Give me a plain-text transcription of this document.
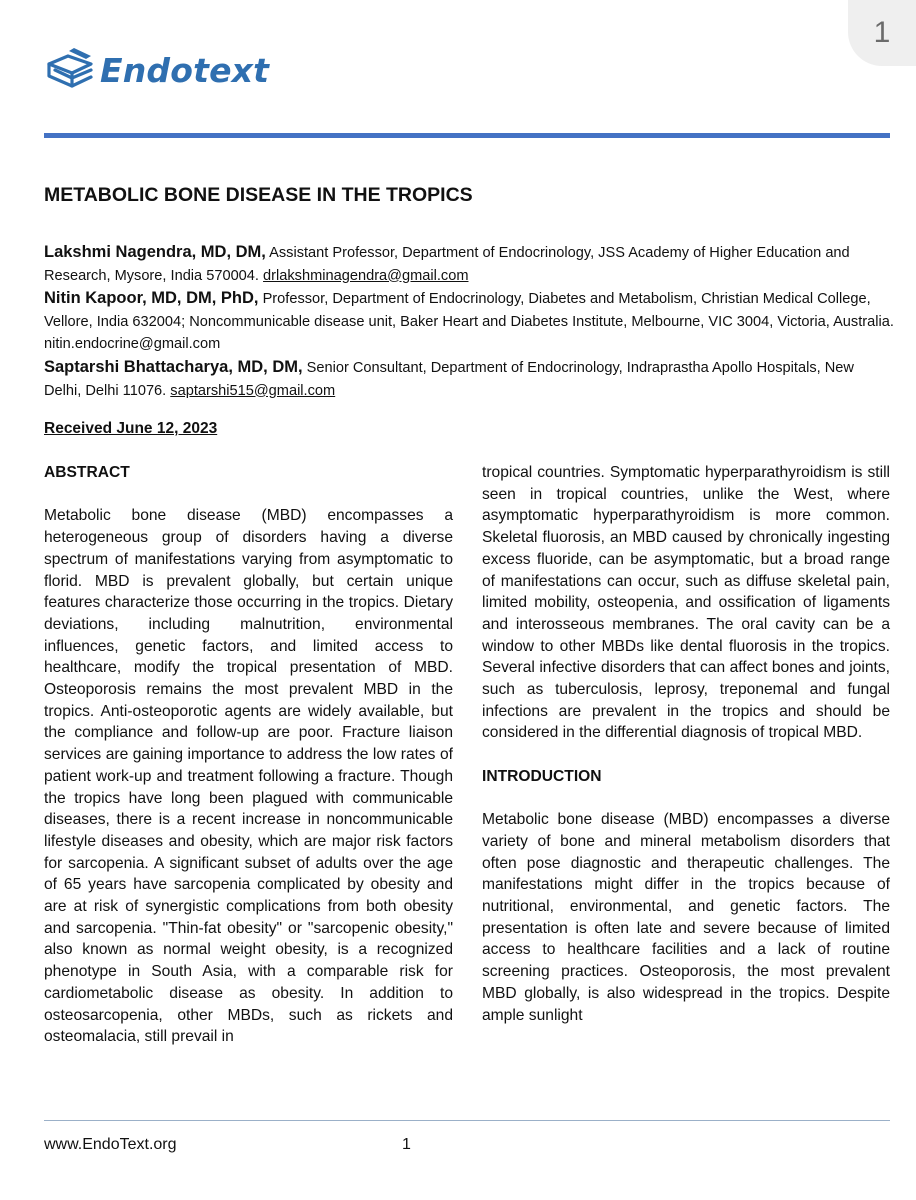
1
Endotext
METABOLIC BONE DISEASE IN THE TROPICS
Lakshmi Nagendra, MD, DM, Assistant Professor, Department of Endocrinology, JSS Academy of Higher Education and Research, Mysore, India 570004. drlakshminagendra@gmail.com
Nitin Kapoor, MD, DM, PhD, Professor, Department of Endocrinology, Diabetes and Metabolism, Christian Medical College, Vellore, India 632004; Noncommunicable disease unit, Baker Heart and Diabetes Institute, Melbourne, VIC 3004, Victoria, Australia. nitin.endocrine@gmail.com
Saptarshi Bhattacharya, MD, DM, Senior Consultant, Department of Endocrinology, Indraprastha Apollo Hospitals, New Delhi, Delhi 11076. saptarshi515@gmail.com
Received June 12, 2023
ABSTRACT
Metabolic bone disease (MBD) encompasses a heterogeneous group of disorders having a diverse spectrum of manifestations varying from asymptomatic to florid. MBD is prevalent globally, but certain unique features characterize those occurring in the tropics. Dietary deviations, including malnutrition, environmental influences, genetic factors, and limited access to healthcare, modify the tropical presentation of MBD. Osteoporosis remains the most prevalent MBD in the tropics. Anti-osteoporotic agents are widely available, but the compliance and follow-up are poor. Fracture liaison services are gaining importance to address the low rates of patient work-up and treatment following a fracture. Though the tropics have long been plagued with communicable diseases, there is a recent increase in noncommunicable lifestyle diseases and obesity, which are major risk factors for sarcopenia. A significant subset of adults over the age of 65 years have sarcopenia complicated by obesity and are at risk of synergistic complications from both obesity and sarcopenia. "Thin-fat obesity" or "sarcopenic obesity," also known as normal weight obesity, is a recognized phenotype in South Asia, with a comparable risk for cardiometabolic disease as obesity. In addition to osteosarcopenia, other MBDs, such as rickets and osteomalacia, still prevail in
tropical countries. Symptomatic hyperparathyroidism is still seen in tropical countries, unlike the West, where asymptomatic hyperparathyroidism is more common. Skeletal fluorosis, an MBD caused by chronically ingesting excess fluoride, can be asymptomatic, but a broad range of manifestations can occur, such as diffuse skeletal pain, limited mobility, osteopenia, and ossification of ligaments and interosseous membranes. The oral cavity can be a window to other MBDs like dental fluorosis in the tropics. Several infective disorders that can affect bones and joints, such as tuberculosis, leprosy, treponemal and fungal infections are prevalent in the tropics and should be considered in the differential diagnosis of tropical MBD.
INTRODUCTION
Metabolic bone disease (MBD) encompasses a diverse variety of bone and mineral metabolism disorders that often pose diagnostic and therapeutic challenges. The manifestations might differ in the tropics because of nutritional, environmental, and genetic factors. The presentation is often late and severe because of limited access to healthcare facilities and a lack of routine screening practices. Osteoporosis, the most prevalent MBD globally, is also widespread in the tropics. Despite ample sunlight
www.EndoText.org	1
